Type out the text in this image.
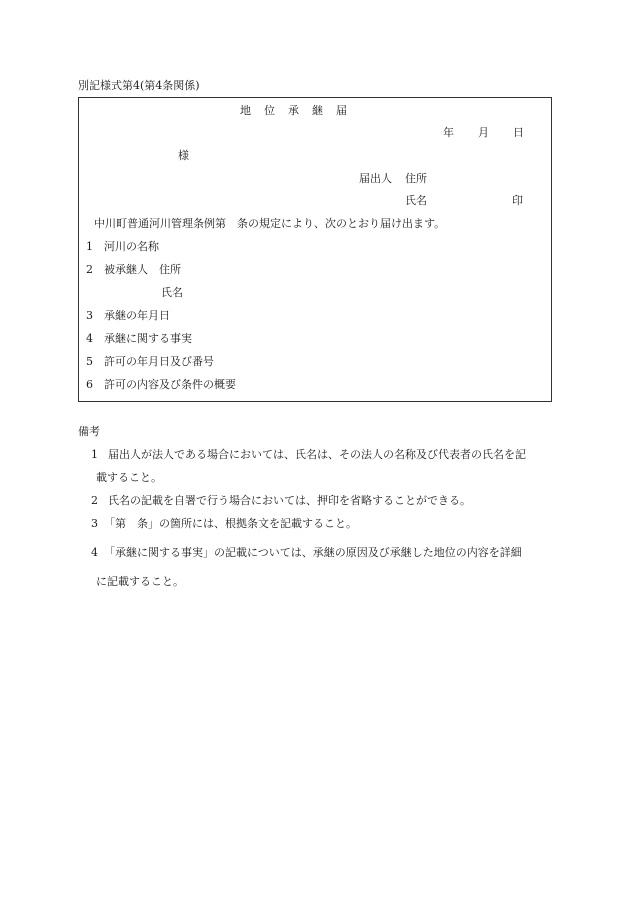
別記様式第4(第4条関係)
地　位　承　継　届
年 月 日
様
届出人 住所
氏名	印
中川町普通河川管理条例第　条の規定により、次のとおり届け出ます。
1 河川の名称
2 被承継人　住所
氏名
3 承継の年月日
4 承継に関する事実
5 許可の年月日及び番号
6 許可の内容及び条件の概要
備考
1 届出人が法人である場合においては、氏名は、その法人の名称及び代表者の氏名を記
載すること。
2 氏名の記載を自署で行う場合においては、押印を省略することができる。
3 「第　条」の箇所には、根拠条文を記載すること。
4 「承継に関する事実」の記載については、承継の原因及び承継した地位の内容を詳細
に記載すること。
